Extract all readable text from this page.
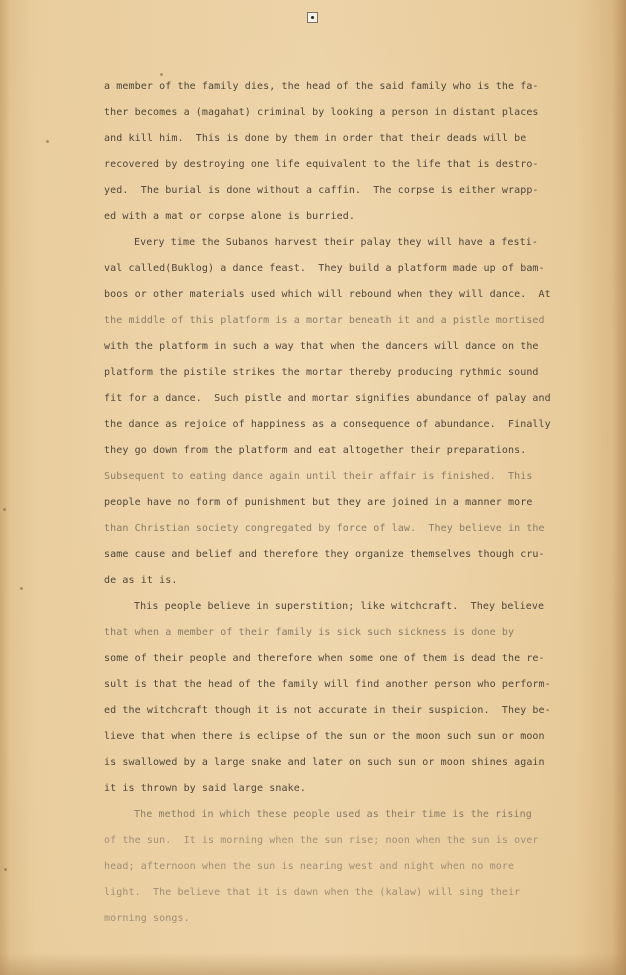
a member of the family dies, the head of the said family who is the fa-
ther becomes a (magahat) criminal by looking a person in distant places
and kill him.  This is done by them in order that their deads will be
recovered by destroying one life equivalent to the life that is destro-
yed.  The burial is done without a caffin.  The corpse is either wrapp-
ed with a mat or corpse alone is burried.
Every time the Subanos harvest their palay they will have a festi-
val called(Buklog) a dance feast.  They build a platform made up of bam-
boos or other materials used which will rebound when they will dance.  At
the middle of this platform is a mortar beneath it and a pistle mortised
with the platform in such a way that when the dancers will dance on the
platform the pistile strikes the mortar thereby producing rythmic sound
fit for a dance.  Such pistle and mortar signifies abundance of palay and
the dance as rejoice of happiness as a consequence of abundance.  Finally
they go down from the platform and eat altogether their preparations.
Subsequent to eating dance again until their affair is finished.  This
people have no form of punishment but they are joined in a manner more
than Christian society congregated by force of law.  They believe in the
same cause and belief and therefore they organize themselves though cru-
de as it is.
This people believe in superstition; like witchcraft.  They believe
that when a member of their family is sick such sickness is done by
some of their people and therefore when some one of them is dead the re-
sult is that the head of the family will find another person who perform-
ed the witchcraft though it is not accurate in their suspicion.  They be-
lieve that when there is eclipse of the sun or the moon such sun or moon
is swallowed by a large snake and later on such sun or moon shines again
it is thrown by said large snake.
The method in which these people used as their time is the rising
of the sun.  It is morning when the sun rise; noon when the sun is over
head; afternoon when the sun is nearing west and night when no more
light.  The believe that it is dawn when the (kalaw) will sing their
morning songs.
